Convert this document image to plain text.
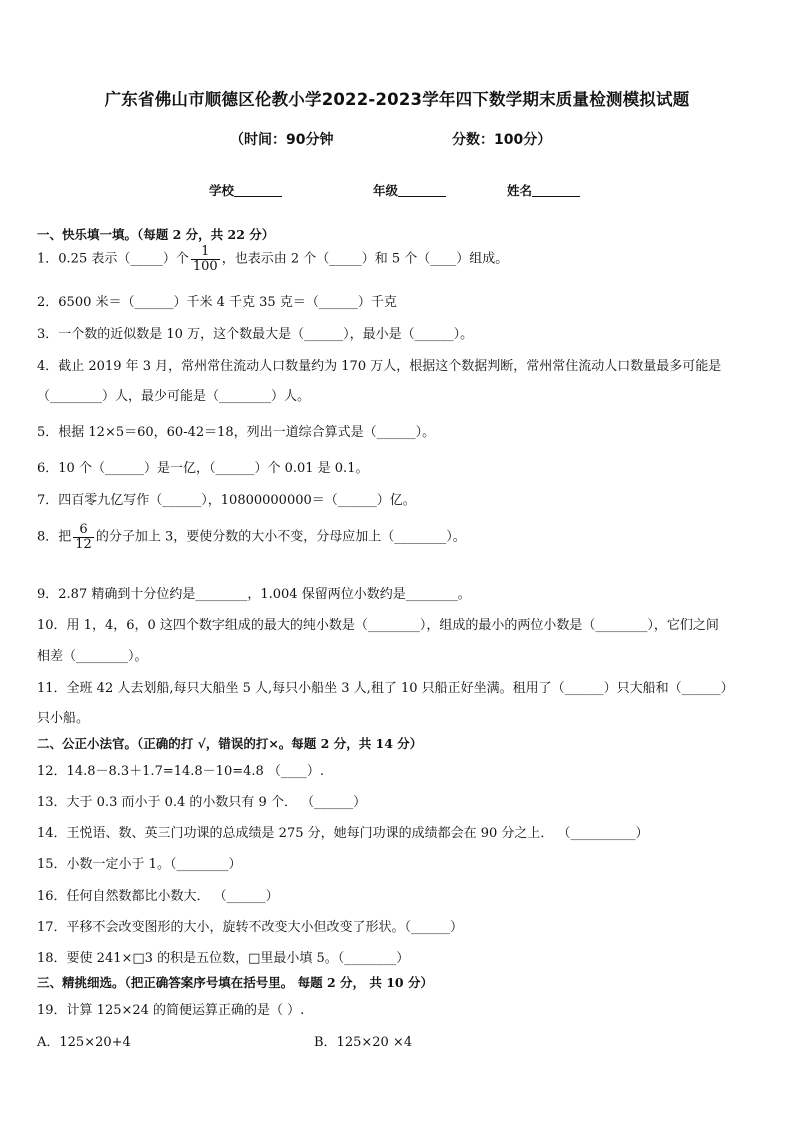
广东省佛山市顺德区伦教小学2022-2023学年四下数学期末质量检测模拟试题
（时间：90分钟	分数：100分）
学校	年级	姓名
一、快乐填一填。（每题 2 分，共 22 分）
1．0.25 表示（_____）个 $\frac{1}{100}$ ，也表示由 2 个（_____）和 5 个（____）组成。
2．6500 米＝（______）千米 4 千克 35 克＝（______）千克
3．一个数的近似数是 10 万，这个数最大是（______），最小是（______）。
4．截止 2019 年 3 月，常州常住流动人口数量约为 170 万人，根据这个数据判断，常州常住流动人口数量最多可能是
（________）人，最少可能是（________）人。
5．根据 12×5＝60，60-42＝18，列出一道综合算式是（______）。
6．10 个（______）是一亿，（______）个 0.01 是 0.1。
7．四百零九亿写作（______），10800000000＝（______）亿。
8．把 $\frac{6}{12}$ 的分子加上 3，要使分数的大小不变，分母应加上（________）。
9．2.87 精确到十分位约是________，1.004 保留两位小数约是________。
10．用 1，4，6，0 这四个数字组成的最大的纯小数是（________），组成的最小的两位小数是（________），它们之间
相差（________）。
11．全班 42 人去划船,每只大船坐 5 人,每只小船坐 3 人,租了 10 只船正好坐满。租用了（______）只大船和（______）
只小船。
二、公正小法官。（正确的打 √，错误的打×。每题 2 分，共 14 分）
12．14.8－8.3＋1.7=14.8－10=4.8 （____）.
13．大于 0.3 而小于 0.4 的小数只有 9 个． （______）
14．王悦语、数、英三门功课的总成绩是 275 分，她每门功课的成绩都会在 90 分之上． （__________）
15．小数一定小于 1。（________）
16．任何自然数都比小数大． （______）
17．平移不会改变图形的大小，旋转不改变大小但改变了形状。（______）
18．要使 241×□3 的积是五位数，□里最小填 5。（________）
三、精挑细选。（把正确答案序号填在括号里。 每题 2 分， 共 10 分）
19．计算 125×24 的简便运算正确的是（ ）.
A．125×20+4	B．125×20 ×4
